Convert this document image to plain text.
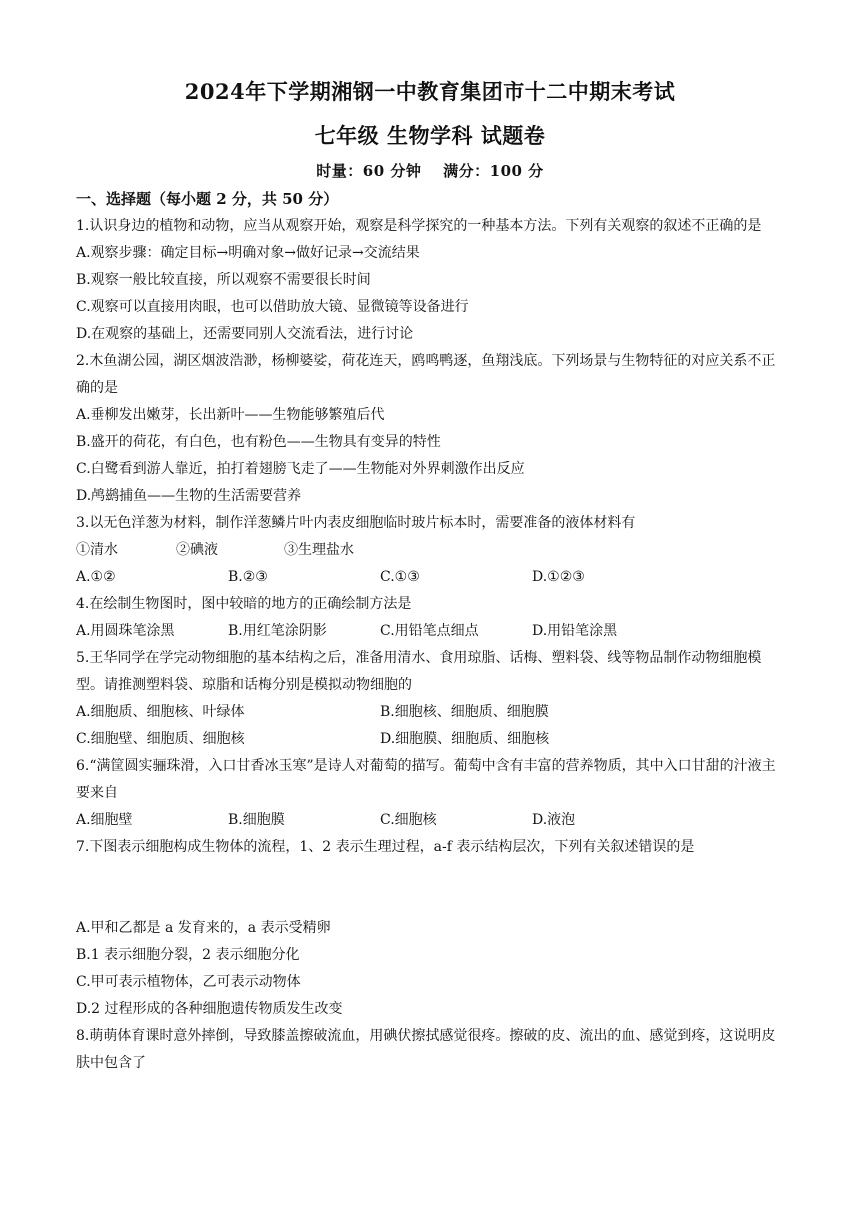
2024年下学期湘钢一中教育集团市十二中期末考试
七年级 生物学科 试题卷
时量：60 分钟 满分：100 分
一、选择题（每小题 2 分，共 50 分）
1.认识身边的植物和动物，应当从观察开始，观察是科学探究的一种基本方法。下列有关观察的叙述不正确的是
A.观察步骤：确定目标→明确对象→做好记录→交流结果
B.观察一般比较直接，所以观察不需要很长时间
C.观察可以直接用肉眼，也可以借助放大镜、显微镜等设备进行
D.在观察的基础上，还需要同别人交流看法，进行讨论
2.木鱼湖公园，湖区烟波浩渺，杨柳婆娑，荷花连天，鸥鸣鸭逐，鱼翔浅底。下列场景与生物特征的对应关系不正确的是
A.垂柳发出嫩芽，长出新叶——生物能够繁殖后代
B.盛开的荷花，有白色，也有粉色——生物具有变异的特性
C.白鹭看到游人靠近，拍打着翅膀飞走了——生物能对外界刺激作出反应
D.鸬鹚捕鱼——生物的生活需要营养
3.以无色洋葱为材料，制作洋葱鳞片叶内表皮细胞临时玻片标本时，需要准备的液体材料有
①清水	②碘液	③生理盐水
A.①②	B.②③	C.①③	D.①②③
4.在绘制生物图时，图中较暗的地方的正确绘制方法是
A.用圆珠笔涂黑	B.用红笔涂阴影	C.用铅笔点细点	D.用铅笔涂黑
5.王华同学在学完动物细胞的基本结构之后，准备用清水、食用琼脂、话梅、塑料袋、线等物品制作动物细胞模型。请推测塑料袋、琼脂和话梅分别是模拟动物细胞的
A.细胞质、细胞核、叶绿体	B.细胞核、细胞质、细胞膜
C.细胞壁、细胞质、细胞核	D.细胞膜、细胞质、细胞核
6.“满筐圆实骊珠滑，入口甘香冰玉寒”是诗人对葡萄的描写。葡萄中含有丰富的营养物质，其中入口甘甜的汁液主要来自
A.细胞壁	B.细胞膜	C.细胞核	D.液泡
7.下图表示细胞构成生物体的流程，1、2 表示生理过程，a-f 表示结构层次，下列有关叙述错误的是
A.甲和乙都是 a 发育来的，a 表示受精卵
B.1 表示细胞分裂，2 表示细胞分化
C.甲可表示植物体，乙可表示动物体
D.2 过程形成的各种细胞遗传物质发生改变
8.萌萌体育课时意外摔倒，导致膝盖擦破流血，用碘伏擦拭感觉很疼。擦破的皮、流出的血、感觉到疼，这说明皮肤中包含了
